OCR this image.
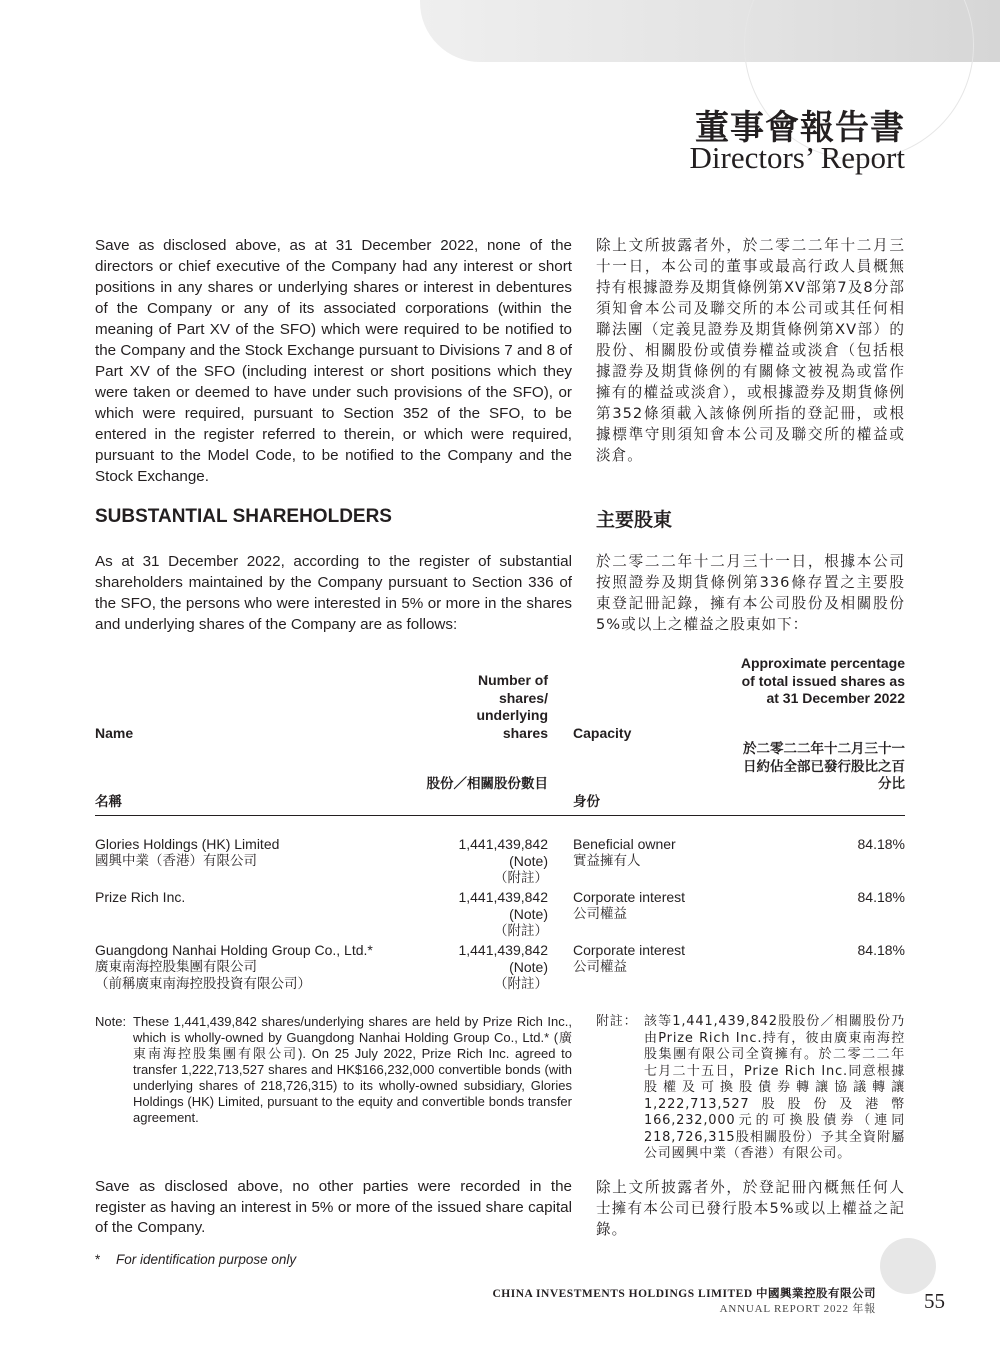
董事會報告書
Directors’ Report

Save as disclosed above, as at 31 December 2022, none of the directors or chief executive of the Company had any interest or short positions in any shares or underlying shares or interest in debentures of the Company or any of its associated corporations (within the meaning of Part XV of the SFO) which were required to be notified to the Company and the Stock Exchange pursuant to Divisions 7 and 8 of Part XV of the SFO (including interest or short positions which they were taken or deemed to have under such provisions of the SFO), or which were required, pursuant to Section 352 of the SFO, to be entered in the register referred to therein, or which were required, pursuant to the Model Code, to be notified to the Company and the Stock Exchange.

除上文所披露者外，於二零二二年十二月三十一日，本公司的董事或最高行政人員概無持有根據證券及期貨條例第XV部第7及8分部須知會本公司及聯交所的本公司或其任何相聯法團（定義見證券及期貨條例第XV部）的股份、相關股份或債券權益或淡倉（包括根據證券及期貨條例的有關條文被視為或當作擁有的權益或淡倉），或根據證券及期貨條例第352條須載入該條例所指的登記冊，或根據標準守則須知會本公司及聯交所的權益或淡倉。

SUBSTANTIAL SHAREHOLDERS	主要股東

As at 31 December 2022, according to the register of substantial shareholders maintained by the Company pursuant to Section 336 of the SFO, the persons who were interested in 5% or more in the shares and underlying shares of the Company are as follows:

於二零二二年十二月三十一日，根據本公司按照證券及期貨條例第336條存置之主要股東登記冊記錄，擁有本公司股份及相關股份5%或以上之權益之股東如下：

Name
名稱
Number of shares/ underlying shares
股份／相關股份數目
Capacity
身份
Approximate percentage of total issued shares as at 31 December 2022
於二零二二年十二月三十一日約佔全部已發行股比之百分比
Glories Holdings (HK) Limited
國興中業（香港）有限公司
1,441,439,842
(Note)
（附註）
Beneficial owner
實益擁有人
84.18%
Prize Rich Inc.	1,441,439,842
(Note)
（附註）
Corporate interest
公司權益
84.18%
Guangdong Nanhai Holding Group Co., Ltd.*
廣東南海控股集團有限公司
（前稱廣東南海控股投資有限公司）
1,441,439,842
(Note)
（附註）
Corporate interest
公司權益
84.18%
Note: These 1,441,439,842 shares/underlying shares are held by Prize Rich Inc., which is wholly-owned by Guangdong Nanhai Holding Group Co., Ltd.* (廣東南海控股集團有限公司). On 25 July 2022, Prize Rich Inc. agreed to transfer 1,222,713,527 shares and HK$166,232,000 convertible bonds (with underlying shares of 218,726,315) to its wholly-owned subsidiary, Glories Holdings (HK) Limited, pursuant to the equity and convertible bonds transfer agreement.

附註： 該等1,441,439,842股股份／相關股份乃由Prize Rich Inc.持有，彼由廣東南海控股集團有限公司全資擁有。於二零二二年七月二十五日，Prize Rich Inc.同意根據股權及可換股債券轉讓協議轉讓1,222,713,527股股份及港幣166,232,000元的可換股債券（連同218,726,315股相關股份）予其全資附屬公司國興中業（香港）有限公司。

Save as disclosed above, no other parties were recorded in the register as having an interest in 5% or more of the issued share capital of the Company.

除上文所披露者外，於登記冊內概無任何人士擁有本公司已發行股本5%或以上權益之記錄。

* For identification purpose only
CHINA INVESTMENTS HOLDINGS LIMITED 中國興業控股有限公司
ANNUAL REPORT 2022 年報 55
